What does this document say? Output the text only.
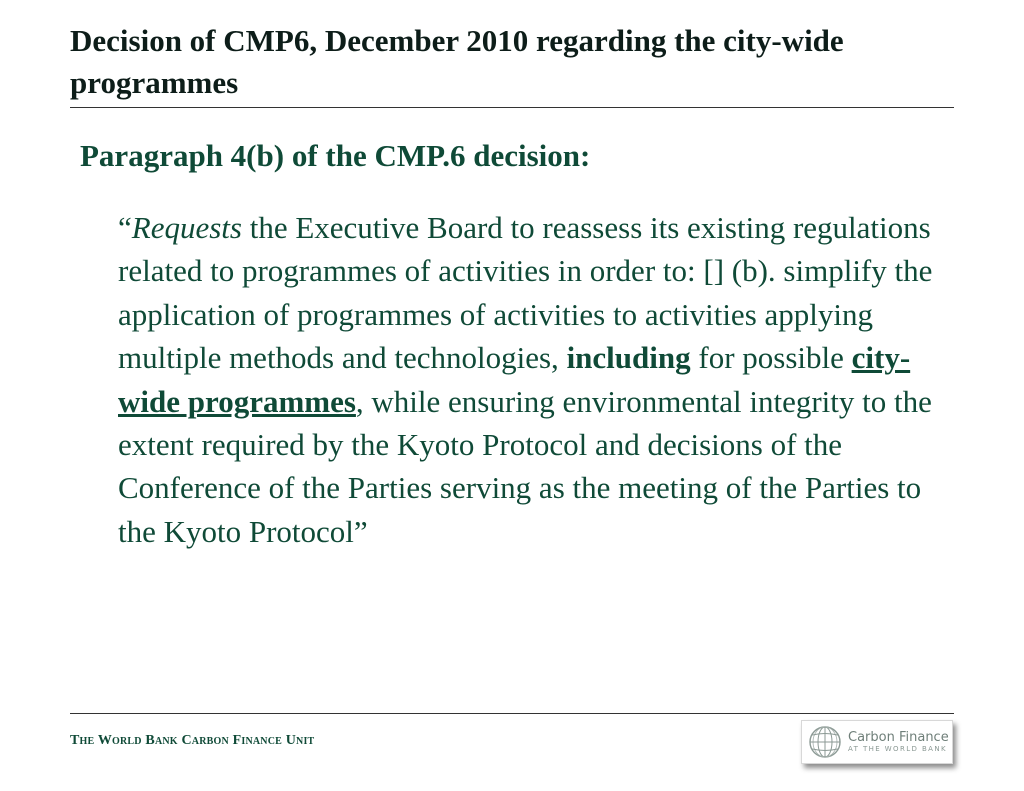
Decision of CMP6, December 2010 regarding the city-wide programmes
Paragraph 4(b) of the CMP.6 decision:
“Requests the Executive Board to reassess its existing regulations related to programmes of activities in order to: [] (b). simplify the application of programmes of activities to activities applying multiple methods and technologies, including for possible city-wide programmes, while ensuring environmental integrity to the extent required by the Kyoto Protocol and decisions of the Conference of the Parties serving as the meeting of the Parties to the Kyoto Protocol”
The World Bank Carbon Finance Unit	Carbon Finance
AT THE WORLD BANK
